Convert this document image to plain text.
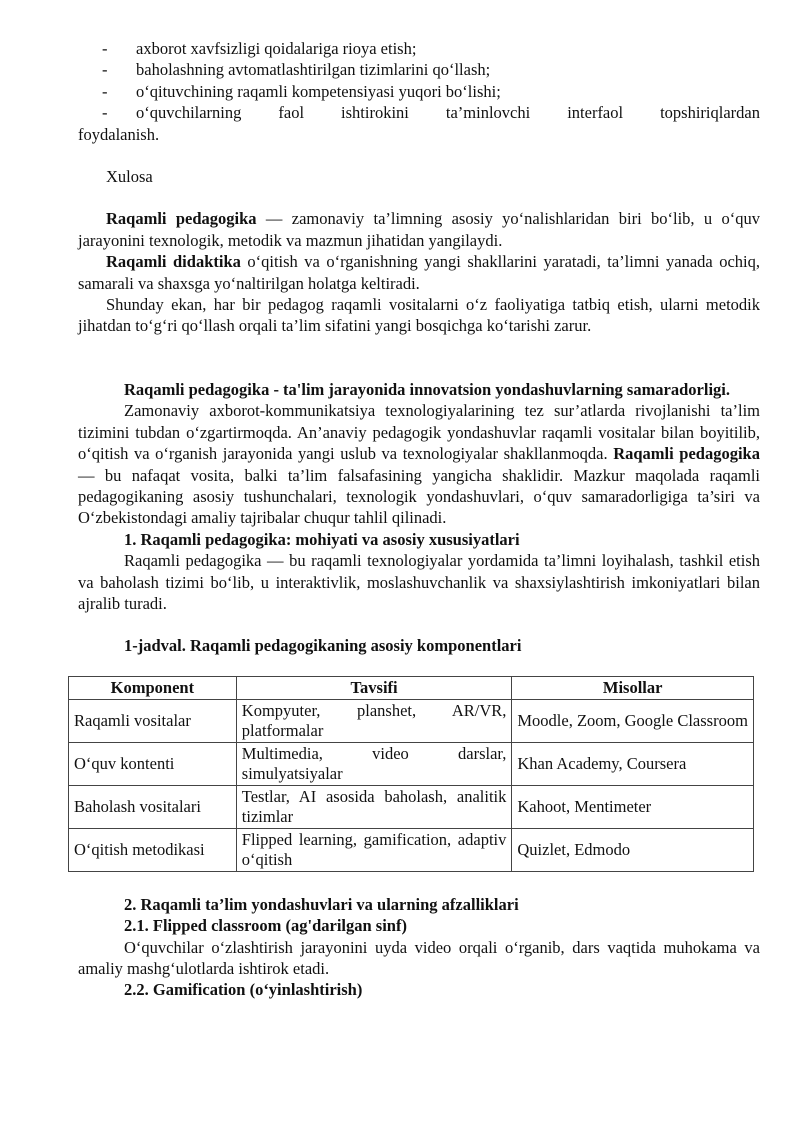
-	axborot xavfsizligi qoidalariga rioya etish;
-	baholashning avtomatlashtirilgan tizimlarini qo‘llash;
-	o‘qituvchining raqamli kompetensiyasi yuqori bo‘lishi;
-	o‘quvchilarning faol ishtirokini ta’minlovchi interfaol topshiriqlardan

foydalanish.

Xulosa

Raqamli pedagogika — zamonaviy ta’limning asosiy yo‘nalishlaridan biri bo‘lib, u o‘quv jarayonini texnologik, metodik va mazmun jihatidan yangilaydi.

Raqamli didaktika o‘qitish va o‘rganishning yangi shakllarini yaratadi, ta’limni yanada ochiq, samarali va shaxsga yo‘naltirilgan holatga keltiradi.

Shunday ekan, har bir pedagog raqamli vositalarni o‘z faoliyatiga tatbiq etish, ularni metodik jihatdan to‘g‘ri qo‘llash orqali ta’lim sifatini yangi bosqichga ko‘tarishi zarur.

Raqamli pedagogika - ta'lim jarayonida innovatsion yondashuvlarning samaradorligi.

Zamonaviy axborot-kommunikatsiya texnologiyalarining tez sur’atlarda rivojlanishi ta’lim tizimini tubdan o‘zgartirmoqda. An’anaviy pedagogik yondashuvlar raqamli vositalar bilan boyitilib, o‘qitish va o‘rganish jarayonida yangi uslub va texnologiyalar shakllanmoqda. Raqamli pedagogika — bu nafaqat vosita, balki ta’lim falsafasining yangicha shaklidir. Mazkur maqolada raqamli pedagogikaning asosiy tushunchalari, texnologik yondashuvlari, o‘quv samaradorligiga ta’siri va O‘zbekistondagi amaliy tajribalar chuqur tahlil qilinadi.

1. Raqamli pedagogika: mohiyati va asosiy xususiyatlari

Raqamli pedagogika — bu raqamli texnologiyalar yordamida ta’limni loyihalash, tashkil etish va baholash tizimi bo‘lib, u interaktivlik, moslashuvchanlik va shaxsiylashtirish imkoniyatlari bilan ajralib turadi.

1-jadval. Raqamli pedagogikaning asosiy komponentlari

Komponent	Tavsifi	Misollar
Raqamli vositalar	Kompyuter, planshet, AR/VR, platformalar	Moodle, Zoom, Google Classroom
O‘quv kontenti	Multimedia, video darslar, simulyatsiyalar	Khan Academy, Coursera
Baholash vositalari	Testlar, AI asosida baholash, analitik tizimlar	Kahoot, Mentimeter
O‘qitish metodikasi	Flipped learning, gamification, adaptiv o‘qitish	Quizlet, Edmodo

2. Raqamli ta’lim yondashuvlari va ularning afzalliklari

2.1. Flipped classroom (ag'darilgan sinf)

O‘quvchilar o‘zlashtirish jarayonini uyda video orqali o‘rganib, dars vaqtida muhokama va amaliy mashg‘ulotlarda ishtirok etadi.

2.2. Gamification (o‘yinlashtirish)
